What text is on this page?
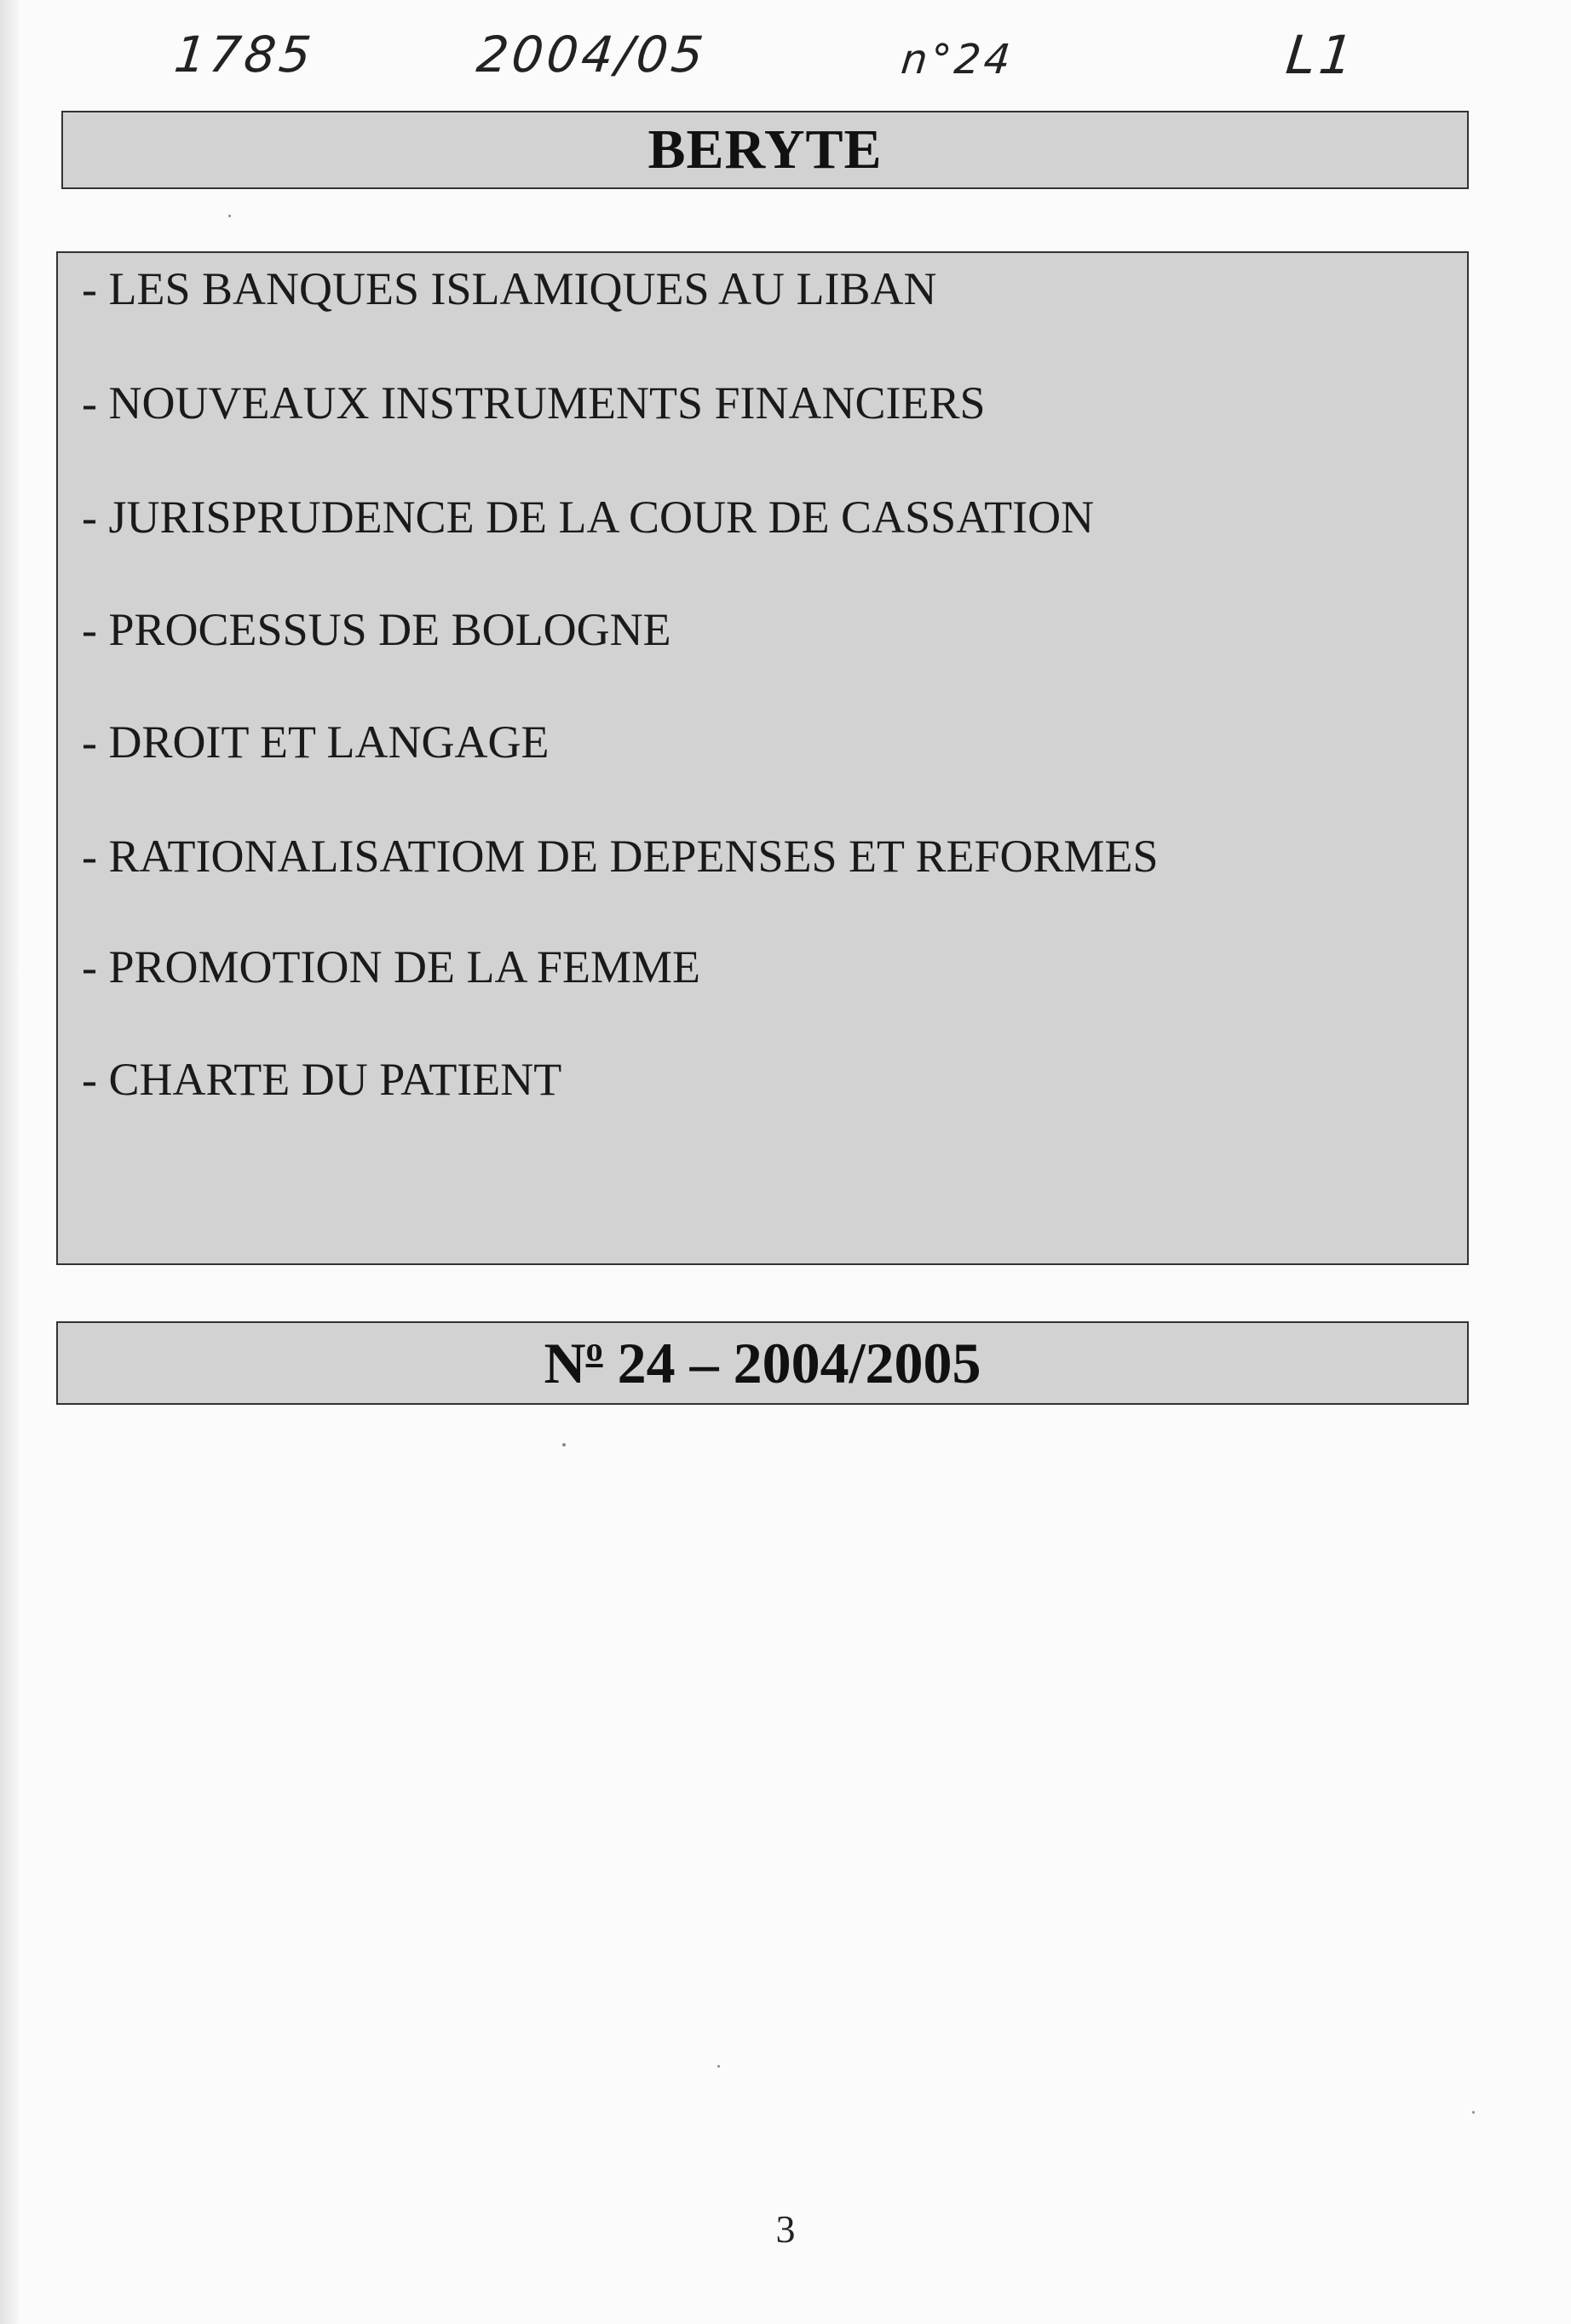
1785	2004/05	n°24	L1
BERYTE
- LES BANQUES ISLAMIQUES AU LIBAN
- NOUVEAUX INSTRUMENTS FINANCIERS
- JURISPRUDENCE DE LA COUR DE CASSATION
- PROCESSUS DE BOLOGNE
- DROIT ET LANGAGE
- RATIONALISATIOM DE DEPENSES ET REFORMES
- PROMOTION DE LA FEMME
- CHARTE DU PATIENT
$N^o$ 24 – 2004/2005
3
